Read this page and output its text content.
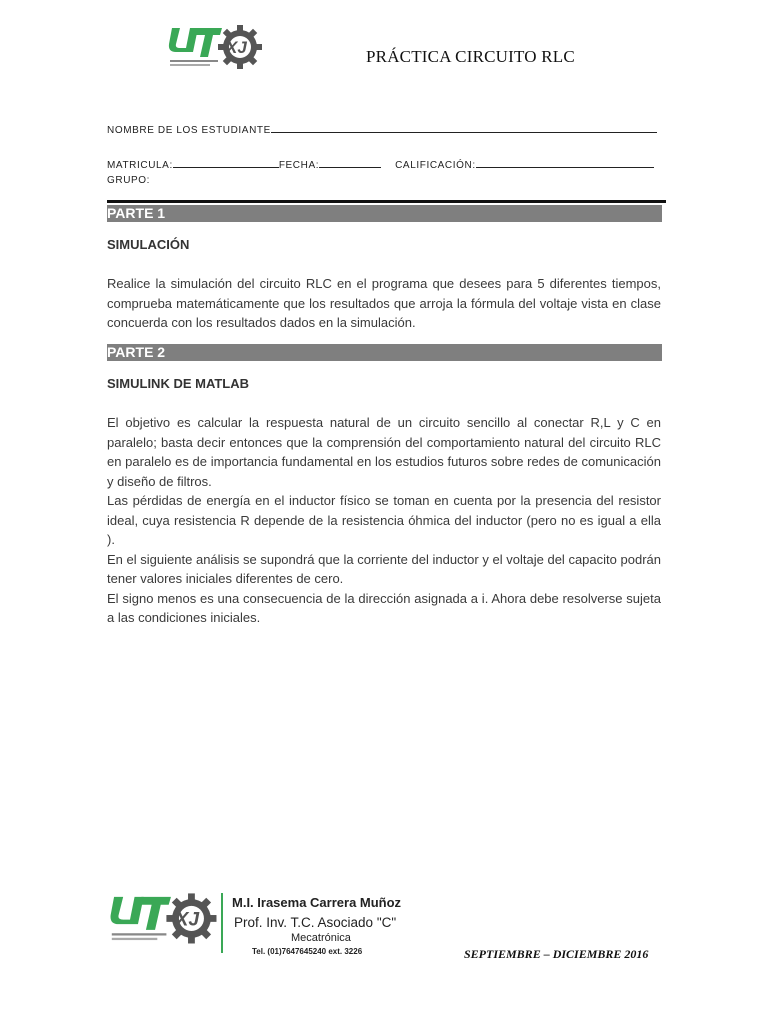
XJ	PRÁCTICA CIRCUITO RLC
NOMBRE DE LOS ESTUDIANTE
MATRICULA:	FECHA:	CALIFICACIÓN:
GRUPO:
PARTE 1
SIMULACIÓN

Realice la simulación del circuito RLC en el programa que desees para 5 diferentes tiempos, comprueba matemáticamente que los resultados que arroja la fórmula del voltaje vista en clase concuerda con los resultados dados en la simulación.

PARTE 2
SIMULINK DE MATLAB

El objetivo es calcular la respuesta natural de un circuito sencillo al conectar R,L y C en paralelo; basta decir entonces que la comprensión del comportamiento natural del circuito RLC en paralelo es de importancia fundamental en los estudios futuros sobre redes de comunicación y diseño de filtros.

Las pérdidas de energía en el inductor físico se toman en cuenta por la presencia del resistor ideal, cuya resistencia R depende de la resistencia óhmica del inductor (pero no es igual a ella ).

En el siguiente análisis se supondrá que la corriente del inductor y el voltaje del capacito podrán tener valores iniciales diferentes de cero.

El signo menos es una consecuencia de la dirección asignada a i. Ahora debe resolverse sujeta a las condiciones iniciales.

XJ
M.I. Irasema Carrera Muñoz
Prof. Inv. T.C. Asociado "C"
Mecatrónica
Tel. (01)7647645240 ext. 3226	SEPTIEMBRE – DICIEMBRE 2016
